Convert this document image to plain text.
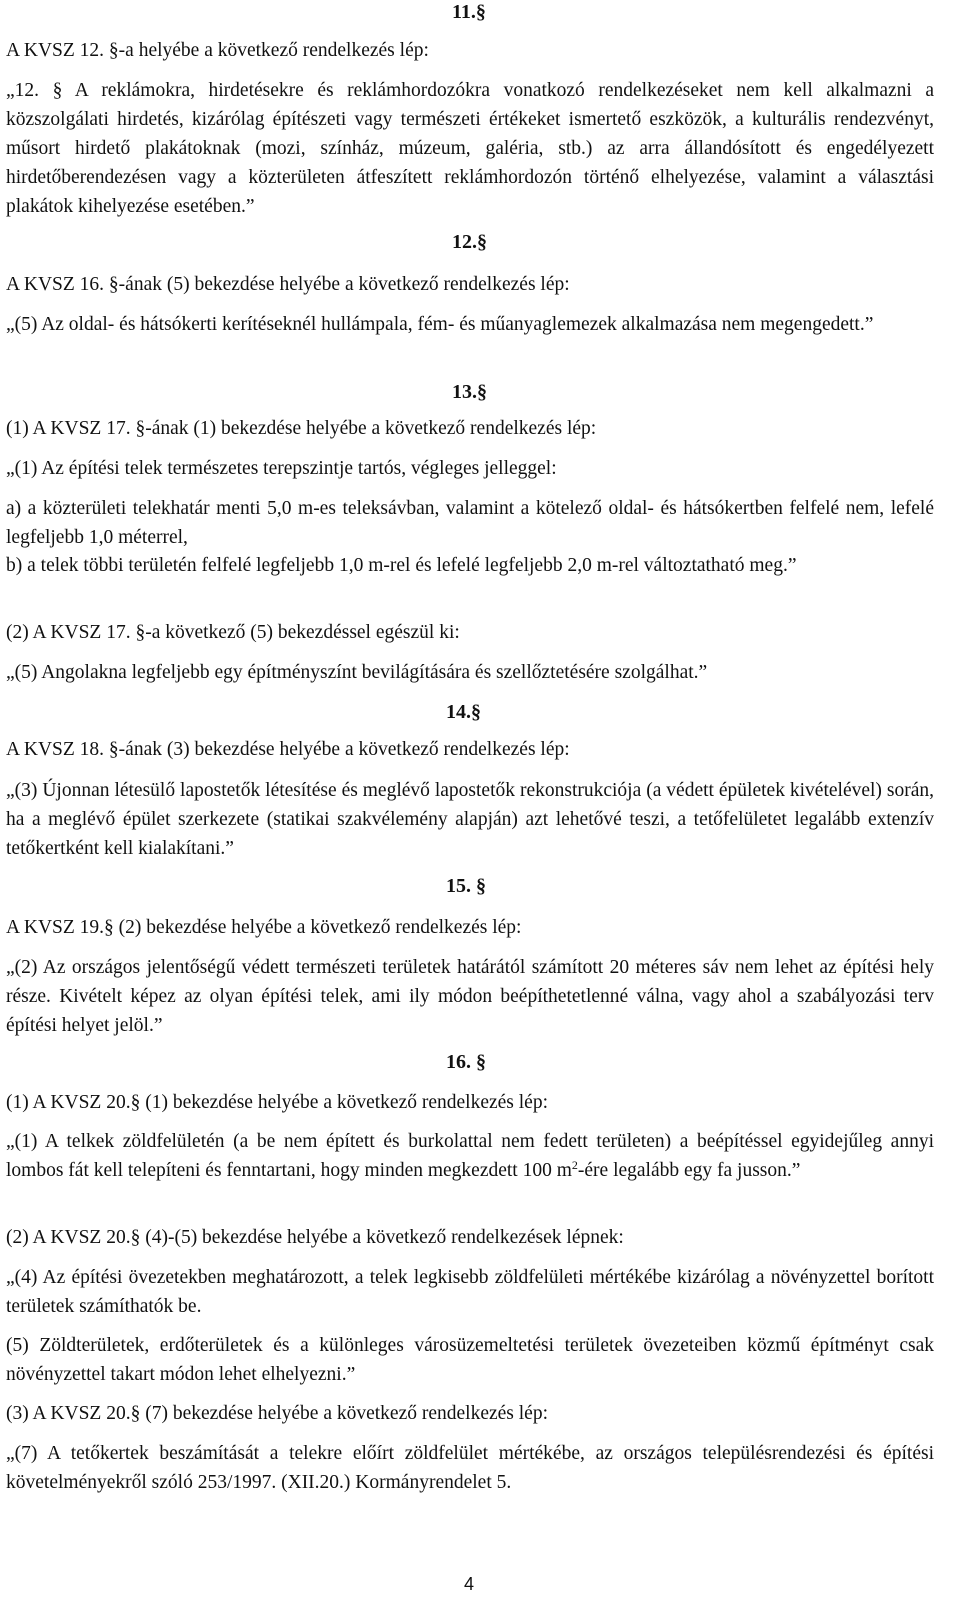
11.§

A KVSZ 12. §-a helyébe a következő rendelkezés lép:

„12. § A reklámokra, hirdetésekre és reklámhordozókra vonatkozó rendelkezéseket nem kell alkalmazni a közszolgálati hirdetés, kizárólag építészeti vagy természeti értékeket ismertető eszközök, a kulturális rendezvényt, műsort hirdető plakátoknak (mozi, színház, múzeum, galéria, stb.) az arra állandósított és engedélyezett hirdetőberendezésen vagy a közterületen átfeszített reklámhordozón történő elhelyezése, valamint a választási plakátok kihelyezése esetében.”

12.§

A KVSZ 16. §-ának (5) bekezdése helyébe a következő rendelkezés lép:

„(5) Az oldal- és hátsókerti kerítéseknél hullámpala, fém- és műanyaglemezek alkalmazása nem megengedett.”

13.§

(1) A KVSZ 17. §-ának (1) bekezdése helyébe a következő rendelkezés lép:

„(1) Az építési telek természetes terepszintje tartós, végleges jelleggel:

a) a közterületi telekhatár menti 5,0 m-es teleksávban, valamint a kötelező oldal- és hátsókertben felfelé nem, lefelé legfeljebb 1,0 méterrel,

b) a telek többi területén felfelé legfeljebb 1,0 m-rel és lefelé legfeljebb 2,0 m-rel változtatható meg.”

(2) A KVSZ 17. §-a következő (5) bekezdéssel egészül ki:

„(5) Angolakna legfeljebb egy építményszínt bevilágítására és szellőztetésére szolgálhat.”

14.§

A KVSZ 18. §-ának (3) bekezdése helyébe a következő rendelkezés lép:

„(3) Újonnan létesülő lapostetők létesítése és meglévő lapostetők rekonstrukciója (a védett épületek kivételével) során, ha a meglévő épület szerkezete (statikai szakvélemény alapján) azt lehetővé teszi, a tetőfelületet legalább extenzív tetőkertként kell kialakítani.”

15. §

A KVSZ 19.§ (2) bekezdése helyébe a következő rendelkezés lép:

„(2) Az országos jelentőségű védett természeti területek határától számított 20 méteres sáv nem lehet az építési hely része. Kivételt képez az olyan építési telek, ami ily módon beépíthetetlenné válna, vagy ahol a szabályozási terv építési helyet jelöl.”

16. §

(1) A KVSZ 20.§ (1) bekezdése helyébe a következő rendelkezés lép:

„(1) A telkek zöldfelületén (a be nem épített és burkolattal nem fedett területen) a beépítéssel egyidejűleg annyi lombos fát kell telepíteni és fenntartani, hogy minden megkezdett 100 $m^2$-ére legalább egy fa jusson.”

(2) A KVSZ 20.§ (4)-(5) bekezdése helyébe a következő rendelkezések lépnek:

„(4) Az építési övezetekben meghatározott, a telek legkisebb zöldfelületi mértékébe kizárólag a növényzettel borított területek számíthatók be.

(5) Zöldterületek, erdőterületek és a különleges városüzemeltetési területek övezeteiben közmű építményt csak növényzettel takart módon lehet elhelyezni.”

(3) A KVSZ 20.§ (7) bekezdése helyébe a következő rendelkezés lép:

„(7) A tetőkertek beszámítását a telekre előírt zöldfelület mértékébe, az országos településrendezési és építési követelményekről szóló 253/1997. (XII.20.) Kormányrendelet 5.

4
